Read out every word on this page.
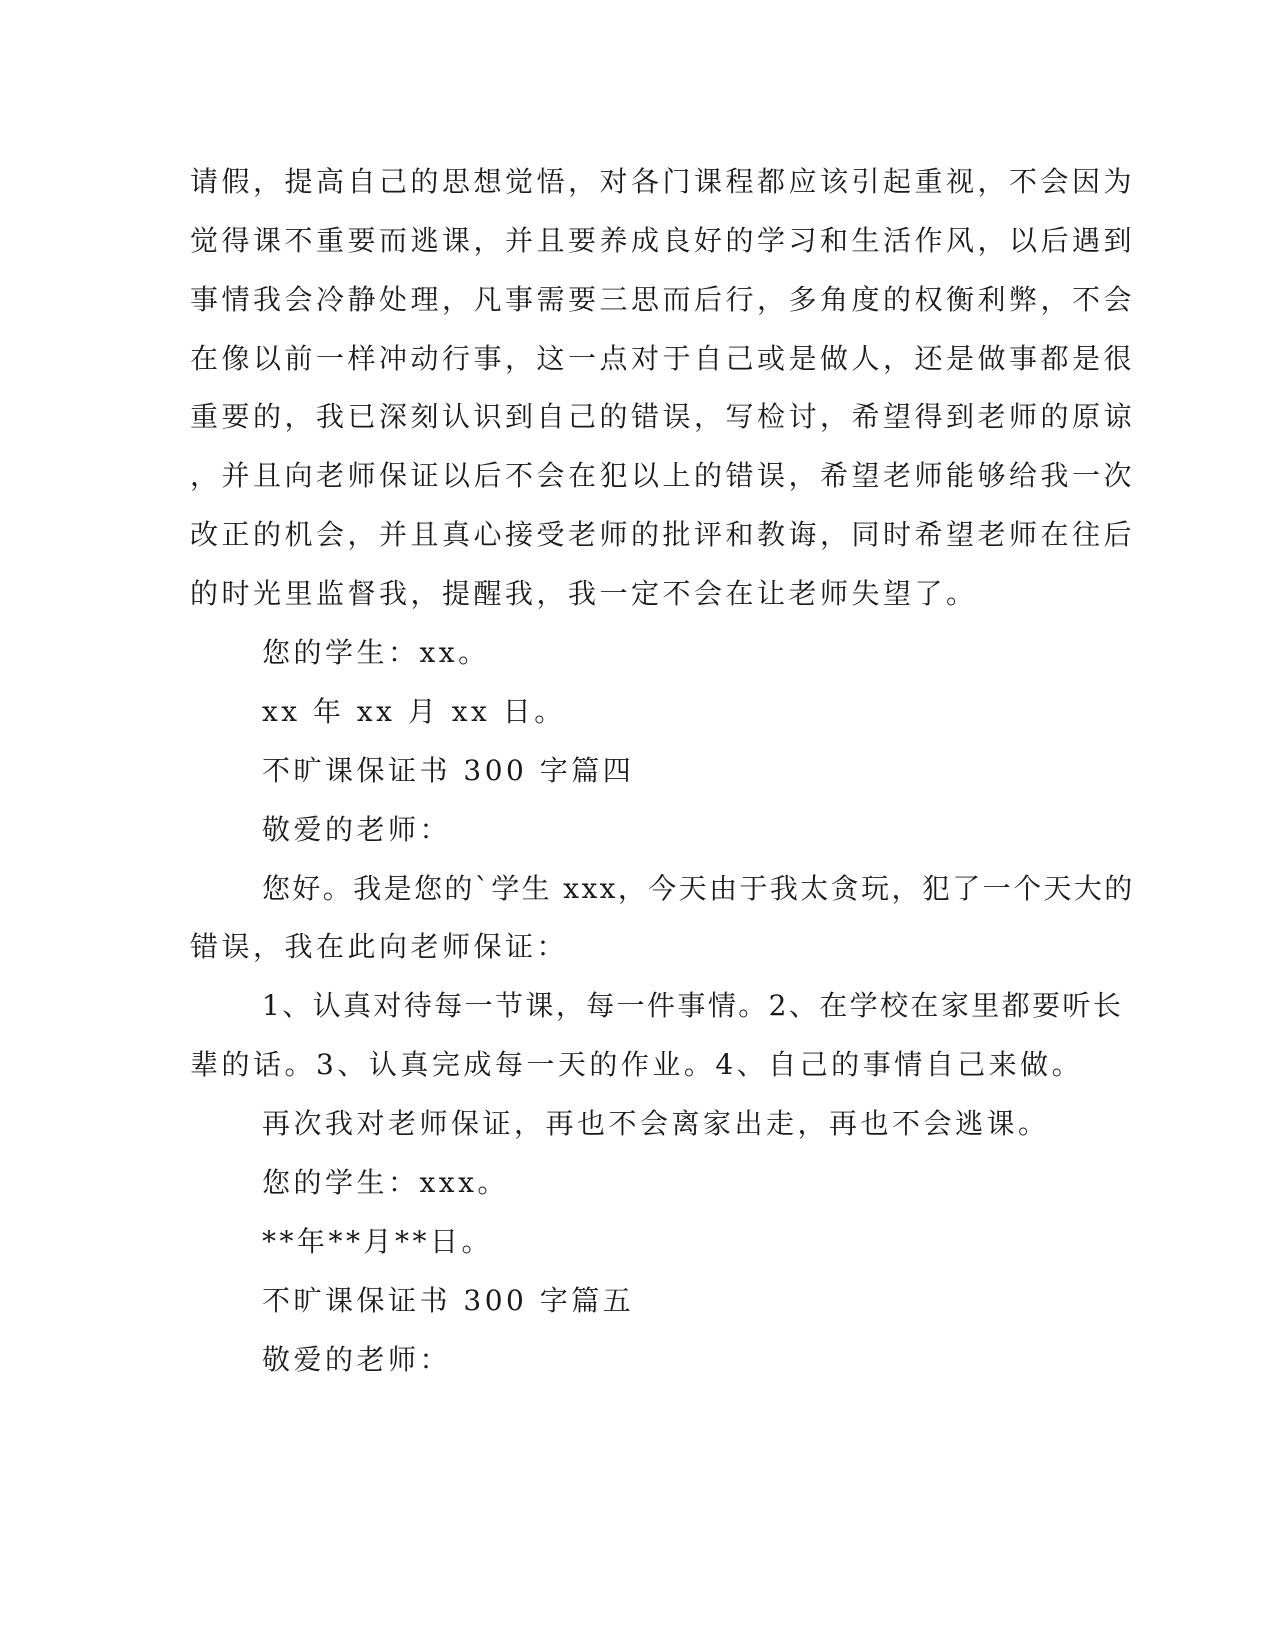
请假，提高自己的思想觉悟，对各门课程都应该引起重视，不会因为
觉得课不重要而逃课，并且要养成良好的学习和生活作风，以后遇到
事情我会冷静处理，凡事需要三思而后行，多角度的权衡利弊，不会
在像以前一样冲动行事，这一点对于自己或是做人，还是做事都是很
重要的，我已深刻认识到自己的错误，写检讨，希望得到老师的原谅
，并且向老师保证以后不会在犯以上的错误，希望老师能够给我一次
改正的机会，并且真心接受老师的批评和教诲，同时希望老师在往后
的时光里监督我，提醒我，我一定不会在让老师失望了。
您的学生：xx。
xx 年 xx 月 xx 日。
不旷课保证书 300 字篇四
敬爱的老师：
您好。我是您的`学生 xxx，今天由于我太贪玩，犯了一个天大的
错误，我在此向老师保证：
1、认真对待每一节课，每一件事情。2、在学校在家里都要听长
辈的话。3、认真完成每一天的作业。4、自己的事情自己来做。
再次我对老师保证，再也不会离家出走，再也不会逃课。
您的学生：xxx。
**年**月**日。
不旷课保证书 300 字篇五
敬爱的老师：
